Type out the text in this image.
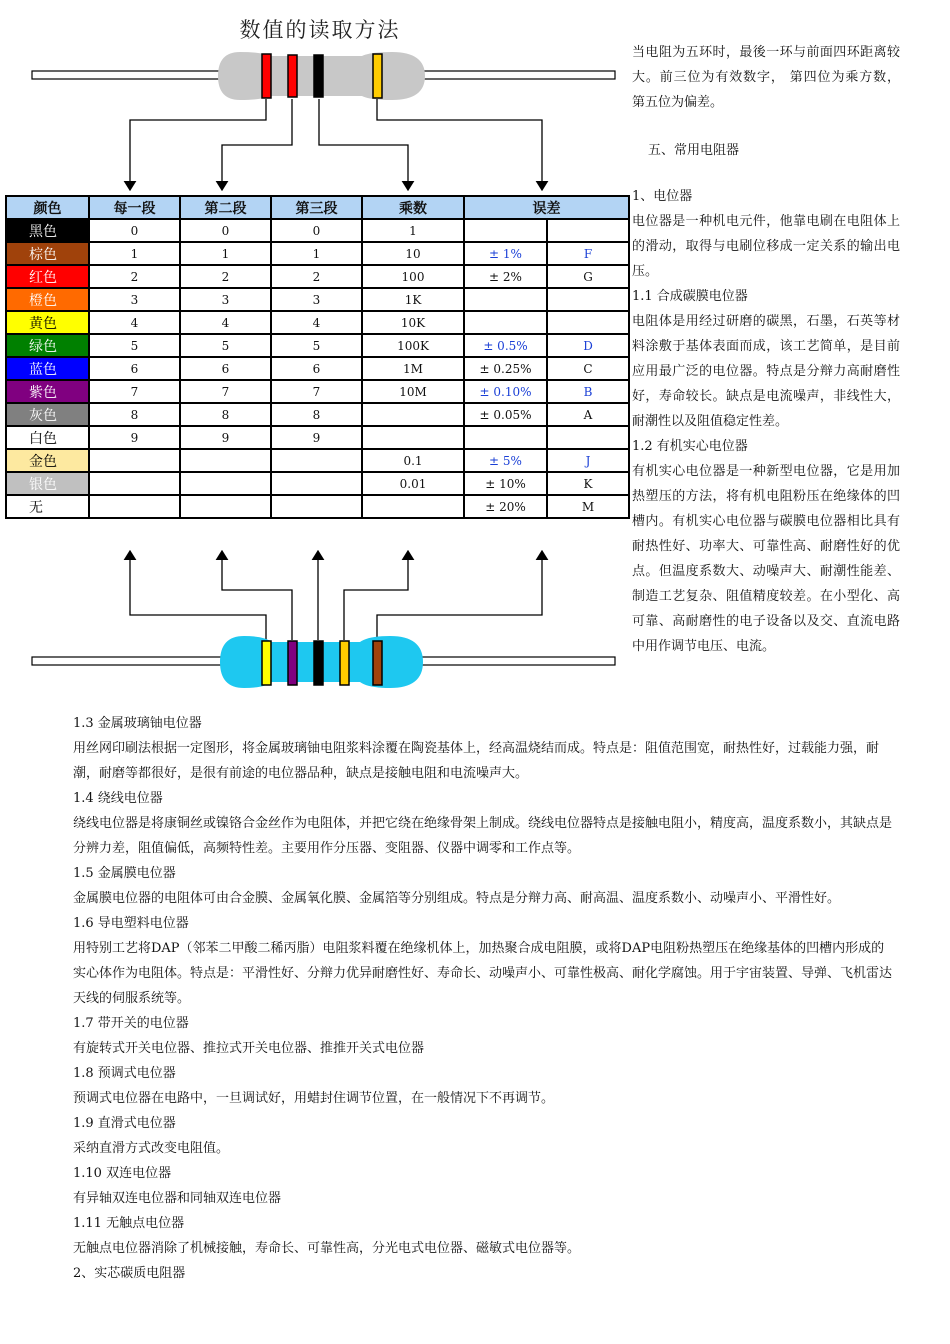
数值的读取方法
颜色	每一段	第二段	第三段	乘数	误差	
黑色	0	0	0	1		
棕色	1	1	1	10	± 1%	F
红色	2	2	2	100	± 2%	G
橙色	3	3	3	1K		
黄色	4	4	4	10K		
绿色	5	5	5	100K	± 0.5%	D
蓝色	6	6	6	1M	± 0.25%	C
紫色	7	7	7	10M	± 0.10%	B
灰色	8	8	8		± 0.05%	A
白色	9	9	9			
金色				0.1	± 5%	J
银色				0.01	± 10%	K
无					± 20%	M

当电阻为五环时，最後一环与前面四环距离较大。前三位为有效数字， 第四位为乘方数， 第五位为偏差。

五、常用电阻器

1、电位器

电位器是一种机电元件，他靠电刷在电阻体上的滑动，取得与电刷位移成一定关系的输出电压。

1.1 合成碳膜电位器

电阻体是用经过研磨的碳黑，石墨，石英等材料涂敷于基体表面而成，该工艺简单，是目前应用最广泛的电位器。特点是分辩力高耐磨性好，寿命较长。缺点是电流噪声，非线性大， 耐潮性以及阻值稳定性差。

1.2 有机实心电位器

有机实心电位器是一种新型电位器，它是用加热塑压的方法，将有机电阻粉压在绝缘体的凹槽内。有机实心电位器与碳膜电位器相比具有耐热性好、功率大、可靠性高、耐磨性好的优点。但温度系数大、动噪声大、耐潮性能差、制造工艺复杂、阻值精度较差。在小型化、高可靠、高耐磨性的电子设备以及交、直流电路中用作调节电压、电流。

1.3 金属玻璃铀电位器

用丝网印刷法根据一定图形，将金属玻璃铀电阻浆料涂覆在陶瓷基体上，经高温烧结而成。特点是：阻值范围宽，耐热性好，过载能力强，耐潮，耐磨等都很好，是很有前途的电位器品种，缺点是接触电阻和电流噪声大。

1.4 绕线电位器

绕线电位器是将康铜丝或镍铬合金丝作为电阻体，并把它绕在绝缘骨架上制成。绕线电位器特点是接触电阻小，精度高，温度系数小，其缺点是分辨力差，阻值偏低，高频特性差。主要用作分压器、变阻器、仪器中调零和工作点等。

1.5 金属膜电位器

金属膜电位器的电阻体可由合金膜、金属氧化膜、金属箔等分别组成。特点是分辩力高、耐高温、温度系数小、动噪声小、平滑性好。

1.6 导电塑料电位器

用特别工艺将DAP（邻苯二甲酸二稀丙脂）电阻浆料覆在绝缘机体上，加热聚合成电阻膜，或将DAP电阻粉热塑压在绝缘基体的凹槽内形成的实心体作为电阻体。特点是：平滑性好、分辩力优异耐磨性好、寿命长、动噪声小、可靠性极高、耐化学腐蚀。用于宇宙装置、导弹、飞机雷达天线的伺服系统等。

1.7 带开关的电位器

有旋转式开关电位器、推拉式开关电位器、推推开关式电位器

1.8 预调式电位器

预调式电位器在电路中，一旦调试好，用蜡封住调节位置，在一般情况下不再调节。

1.9 直滑式电位器

采纳直滑方式改变电阻值。

1.10 双连电位器

有异轴双连电位器和同轴双连电位器

1.11 无触点电位器

无触点电位器消除了机械接触，寿命长、可靠性高，分光电式电位器、磁敏式电位器等。

2、实芯碳质电阻器
